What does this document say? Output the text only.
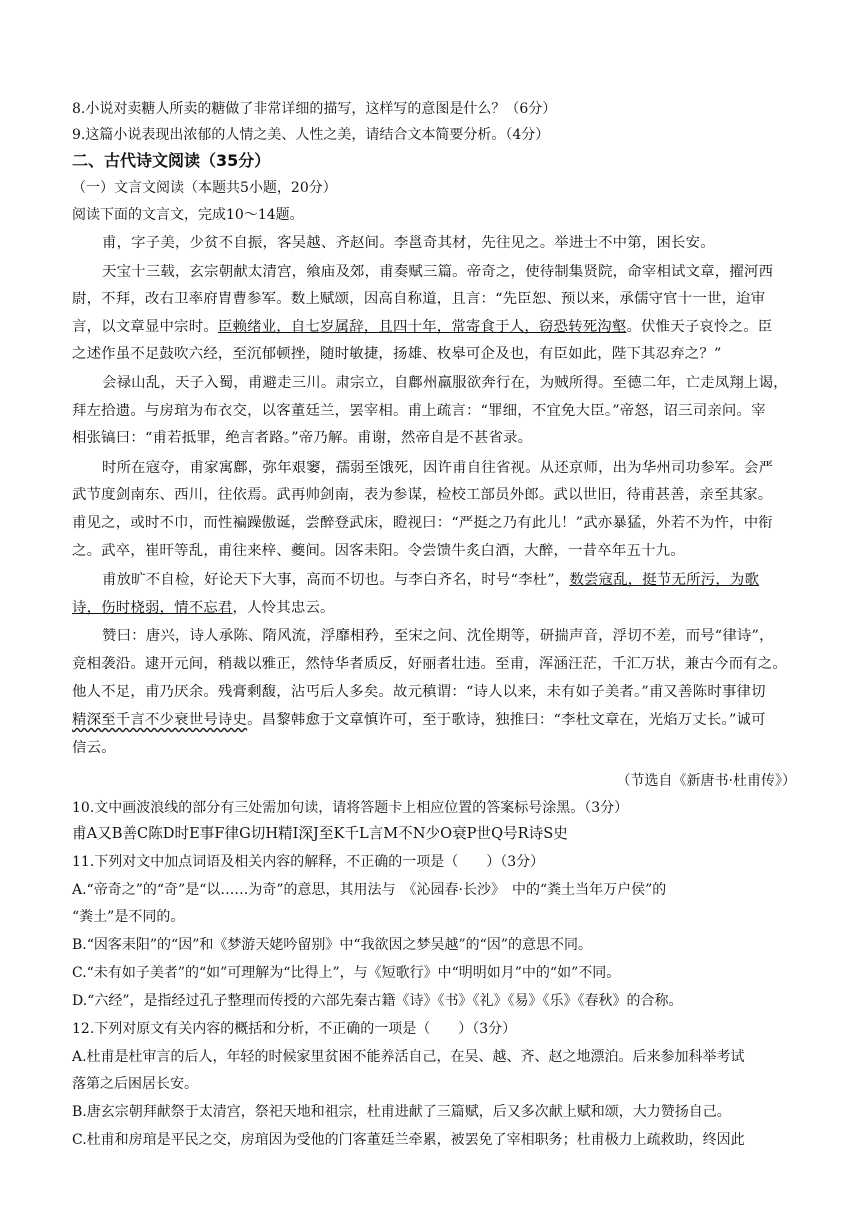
8.小说对卖糖人所卖的糖做了非常详细的描写，这样写的意图是什么？（6分）
9.这篇小说表现出浓郁的人情之美、人性之美，请结合文本简要分析。（4分）
二、古代诗文阅读（35分）
（一）文言文阅读（本题共5小题，20分）
阅读下面的文言文，完成10～14题。
甫，字子美，少贫不自振，客吴越、齐赵间。李邕奇其材，先往见之。举进士不中第，困长安。
天宝十三载，玄宗朝献太清宫，飨庙及郊，甫奏赋三篇。帝奇之，使待制集贤院，命宰相试文章，擢河西
尉，不拜，改右卫率府胄曹参军。数上赋颂，因高自称道，且言：“先臣恕、预以来，承儒守官十一世，迨审
言，以文章显中宗时。臣赖绪业，自七岁属辞，且四十年，常寄食于人，窃恐转死沟壑。伏惟天子哀怜之。臣
之述作虽不足鼓吹六经，至沉郁顿挫，随时敏捷，扬雄、枚皋可企及也，有臣如此，陛下其忍弃之？”
会禄山乱，天子入蜀，甫避走三川。肃宗立，自鄜州羸服欲奔行在，为贼所得。至德二年，亡走凤翔上谒，
拜左拾遗。与房琯为布衣交，以客董廷兰，罢宰相。甫上疏言：“罪细，不宜免大臣。”帝怒，诏三司亲问。宰
相张镐曰：“甫若抵罪，绝言者路。”帝乃解。甫谢，然帝自是不甚省录。
时所在寇夺，甫家寓鄜，弥年艰窭，孺弱至饿死，因许甫自往省视。从还京师，出为华州司功参军。会严
武节度剑南东、西川，往依焉。武再帅剑南，表为参谋，检校工部员外郎。武以世旧，待甫甚善，亲至其家。
甫见之，或时不巾，而性褊躁傲诞，尝醉登武床，瞪视曰：“严挺之乃有此儿！”武亦暴猛，外若不为忤，中衔
之。武卒，崔旰等乱，甫往来梓、夔间。因客耒阳。令尝馈牛炙白酒，大醉，一昔卒年五十九。
甫放旷不自检，好论天下大事，高而不切也。与李白齐名，时号“李杜”，数尝寇乱，挺节无所污，为歌
诗，伤时桡弱，情不忘君，人怜其忠云。
赞曰：唐兴，诗人承陈、隋风流，浮靡相矜，至宋之问、沈佺期等，研揣声音，浮切不差，而号“律诗”，
竞相袭沿。逮开元间，稍裁以雅正，然恃华者质反，好丽者壮违。至甫，浑涵汪茫，千汇万状，兼古今而有之。
他人不足，甫乃厌余。残膏剩馥，沾丐后人多矣。故元稹谓：“诗人以来，未有如子美者。”甫又善陈时事律切
精深至千言不少衰世号诗史。昌黎韩愈于文章慎许可，至于歌诗，独推曰：“李杜文章在，光焰万丈长。”诚可
信云。
（节选自《新唐书·杜甫传》）
10.文中画波浪线的部分有三处需加句读，请将答题卡上相应位置的答案标号涂黑。（3分）
甫A又B善C陈D时E事F律G切H精I深J至K千L言M不N少O衰P世Q号R诗S史
11.下列对文中加点词语及相关内容的解释，不正确的一项是（　　）（3分）
A.“帝奇之”的“奇”是“以……为奇”的意思，其用法与　《沁园春·长沙》　中的“粪土当年万户侯”的
“粪土”是不同的。
B.“因客耒阳”的“因”和《梦游天姥吟留别》中“我欲因之梦吴越”的“因”的意思不同。
C.“未有如子美者”的“如”可理解为“比得上”，与《短歌行》中“明明如月”中的“如”不同。
D.“六经”，是指经过孔子整理而传授的六部先秦古籍《诗》《书》《礼》《易》《乐》《春秋》的合称。
12.下列对原文有关内容的概括和分析，不正确的一项是（　　）（3分）
A.杜甫是杜审言的后人，年轻的时候家里贫困不能养活自己，在吴、越、齐、赵之地漂泊。后来参加科举考试
落第之后困居长安。
B.唐玄宗朝拜献祭于太清宫，祭祀天地和祖宗，杜甫进献了三篇赋，后又多次献上赋和颂，大力赞扬自己。
C.杜甫和房琯是平民之交，房琯因为受他的门客董廷兰牵累，被罢免了宰相职务；杜甫极力上疏救助，终因此
